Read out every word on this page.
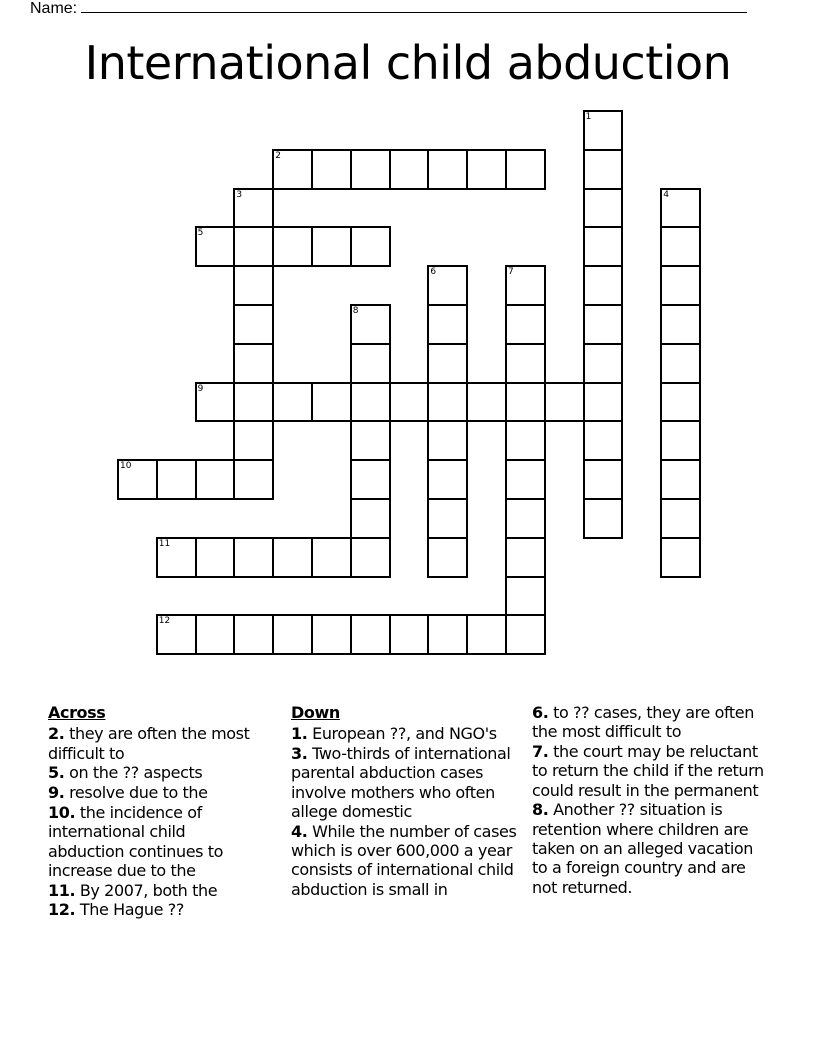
Name:
International child abduction
1
2
3	4
5
6	7
8
9
10
11
12
Across
2. they are often the most difficult to
5. on the ?? aspects
9. resolve due to the
10. the incidence of international child abduction continues to increase due to the
11. By 2007, both the
12. The Hague ??
Down
1. European ??, and NGO's
3. Two-thirds of international parental abduction cases involve mothers who often allege domestic
4. While the number of cases which is over 600,000 a year consists of international child abduction is small in
6. to ?? cases, they are often the most difficult to
7. the court may be reluctant to return the child if the return could result in the permanent
8. Another ?? situation is retention where children are taken on an alleged vacation to a foreign country and are not returned.
